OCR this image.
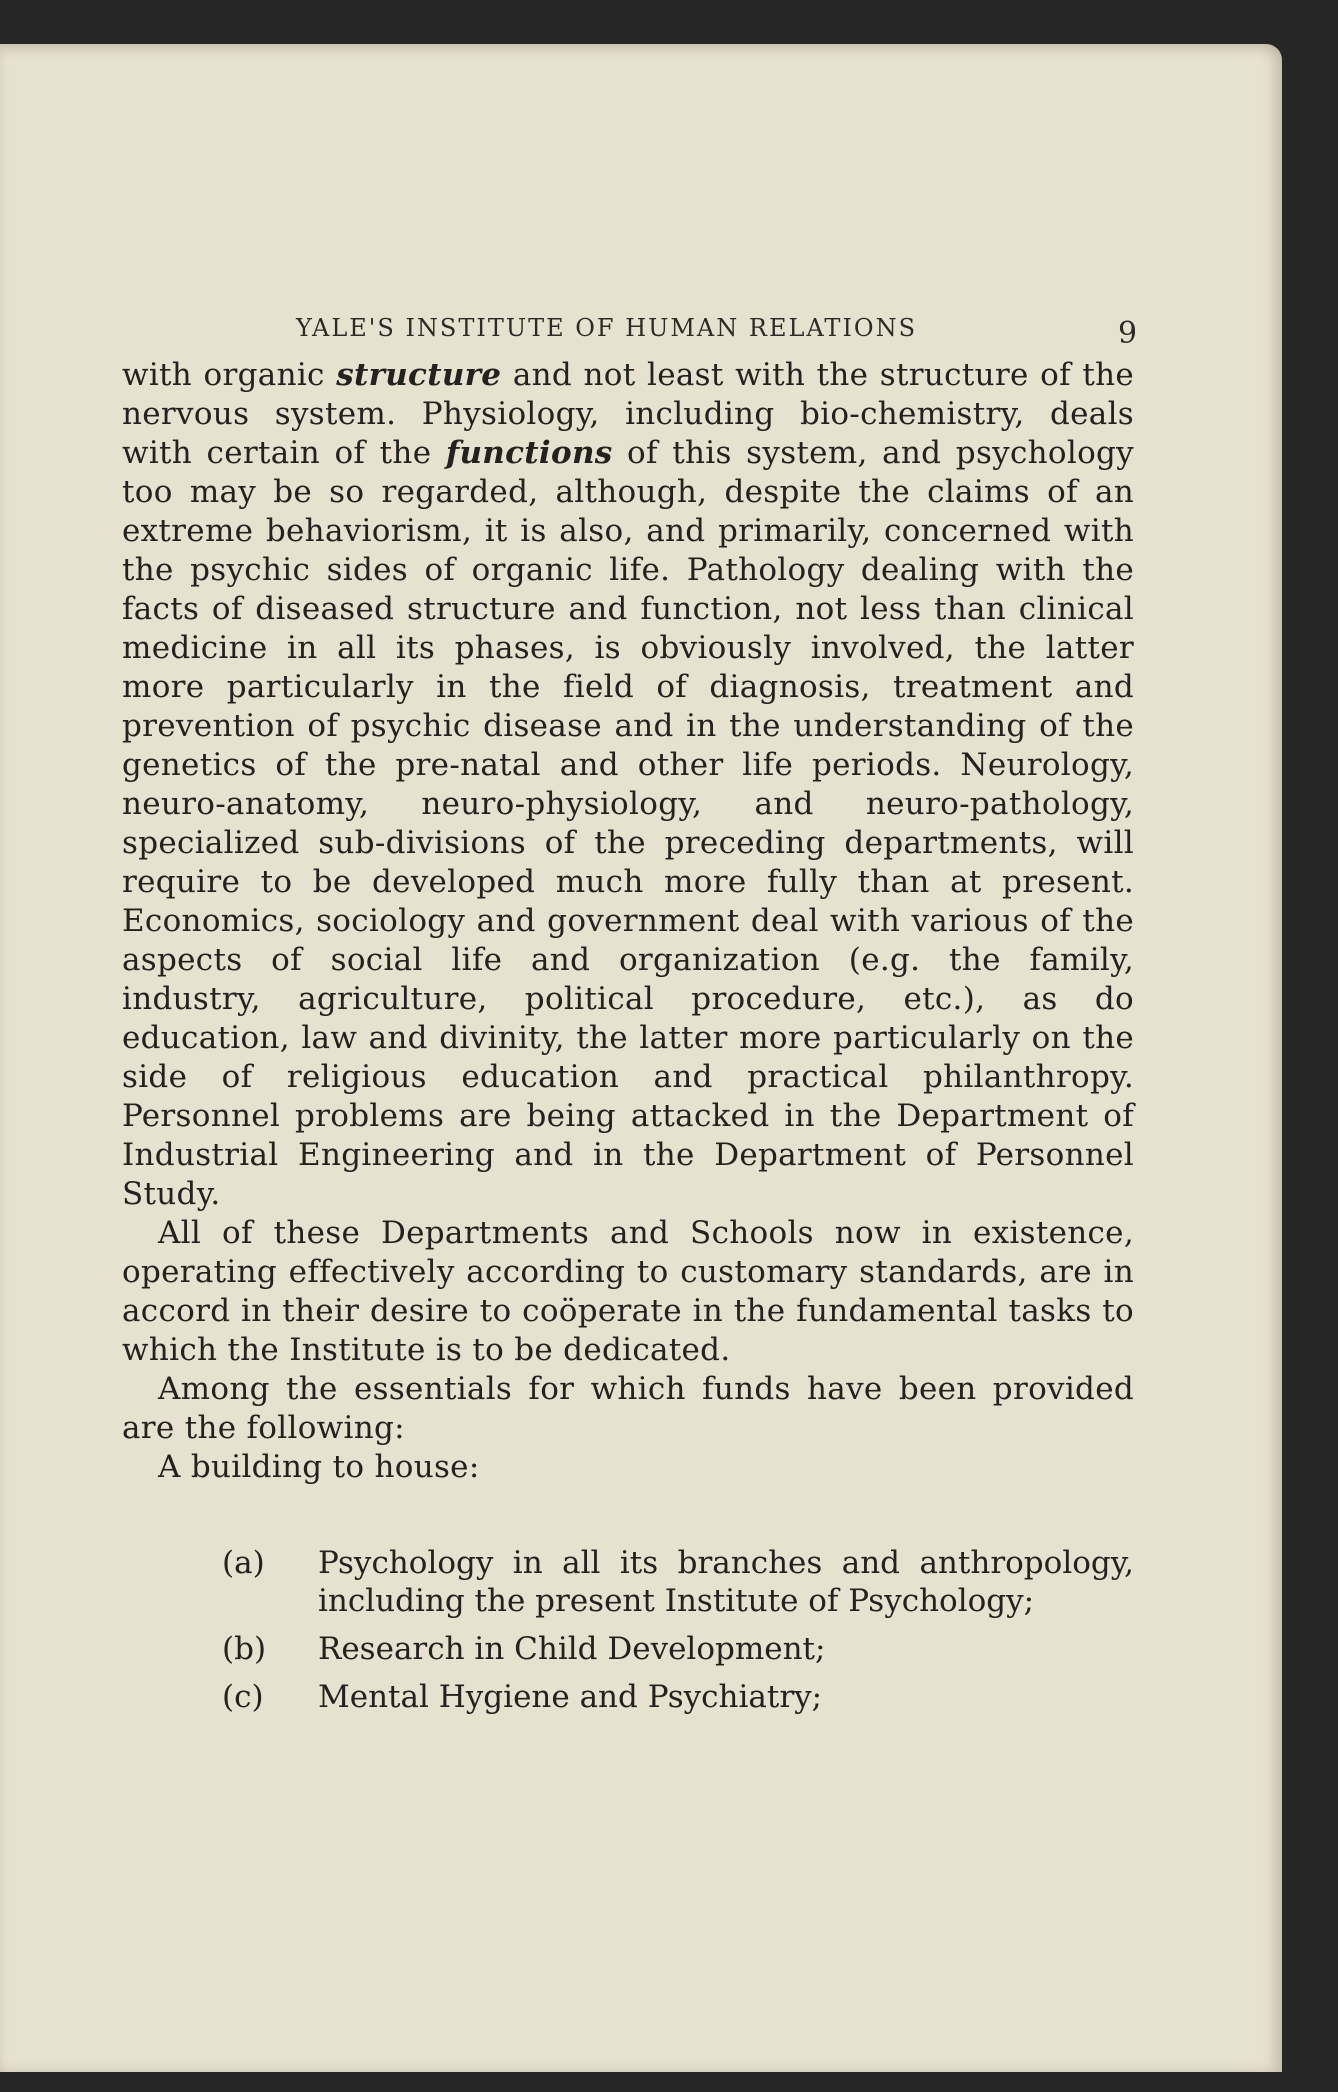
YALE'S INSTITUTE OF HUMAN RELATIONS	9

with organic structure and not least with the structure of the nervous system. Physiology, including bio-chemistry, deals with certain of the functions of this system, and psychology too may be so regarded, although, despite the claims of an extreme behaviorism, it is also, and primarily, concerned with the psychic sides of organic life. Pathology dealing with the facts of diseased structure and function, not less than clinical medicine in all its phases, is obviously involved, the latter more particularly in the field of diagnosis, treatment and prevention of psychic disease and in the understanding of the genetics of the pre-natal and other life periods. Neurology, neuro-anatomy, neuro-physiology, and neuro-pathology, specialized sub-divisions of the preceding departments, will require to be developed much more fully than at present. Economics, sociology and government deal with various of the aspects of social life and organization (e.g. the family, industry, agriculture, political procedure, etc.), as do education, law and divinity, the latter more particularly on the side of religious education and practical philanthropy. Personnel problems are being attacked in the Department of Industrial Engineering and in the Department of Personnel Study.

All of these Departments and Schools now in existence, operating effectively according to customary standards, are in accord in their desire to coöperate in the fundamental tasks to which the Institute is to be dedicated.

Among the essentials for which funds have been provided are the following:

A building to house:

(a)	Psychology in all its branches and anthropology, including the present Institute of Psychology;
(b)	Research in Child Development;
(c)	Mental Hygiene and Psychiatry;
